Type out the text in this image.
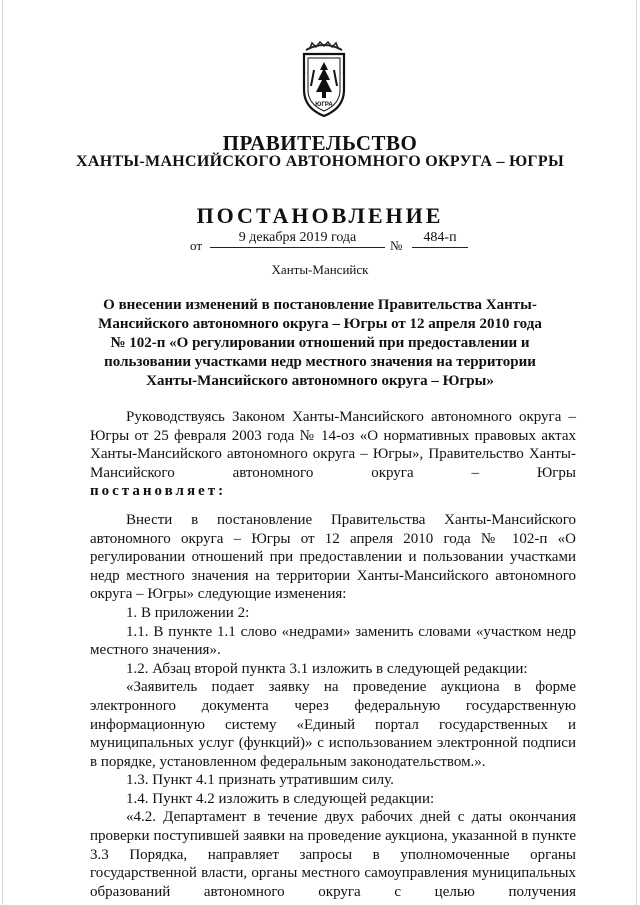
ЮГРА
ПРАВИТЕЛЬСТВО
ХАНТЫ-МАНСИЙСКОГО АВТОНОМНОГО ОКРУГА – ЮГРЫ
ПОСТАНОВЛЕНИЕ
от
9 декабря 2019 года
№
484-п
Ханты-Мансийск
О внесении изменений в постановление Правительства Ханты-Мансийского автономного округа – Югры от 12 апреля 2010 года № 102-п «О регулировании отношений при предоставлении и пользовании участками недр местного значения на территории Ханты-Мансийского автономного округа – Югры»

Руководствуясь Законом Ханты-Мансийского автономного округа – Югры от 25 февраля 2003 года № 14-оз «О нормативных правовых актах Ханты-Мансийского автономного округа – Югры», Правительство Ханты-Мансийского автономного округа – Югры

постановляет:

Внести в постановление Правительства Ханты-Мансийского автономного округа – Югры от 12 апреля 2010 года № 102-п «О регулировании отношений при предоставлении и пользовании участками недр местного значения на территории Ханты-Мансийского автономного округа – Югры» следующие изменения:

1. В приложении 2:

1.1. В пункте 1.1 слово «недрами» заменить словами «участком недр местного значения».

1.2. Абзац второй пункта 3.1 изложить в следующей редакции:

«Заявитель подает заявку на проведение аукциона в форме электронного документа через федеральную государственную информационную систему «Единый портал государственных и муниципальных услуг (функций)» с использованием электронной подписи в порядке, установленном федеральным законодательством.».

1.3. Пункт 4.1 признать утратившим силу.

1.4. Пункт 4.2 изложить в следующей редакции:

«4.2. Департамент в течение двух рабочих дней с даты окончания проверки поступившей заявки на проведение аукциона, указанной в пункте 3.3 Порядка, направляет запросы в уполномоченные органы государственной власти, органы местного самоуправления муниципальных образований автономного округа с целью получения
